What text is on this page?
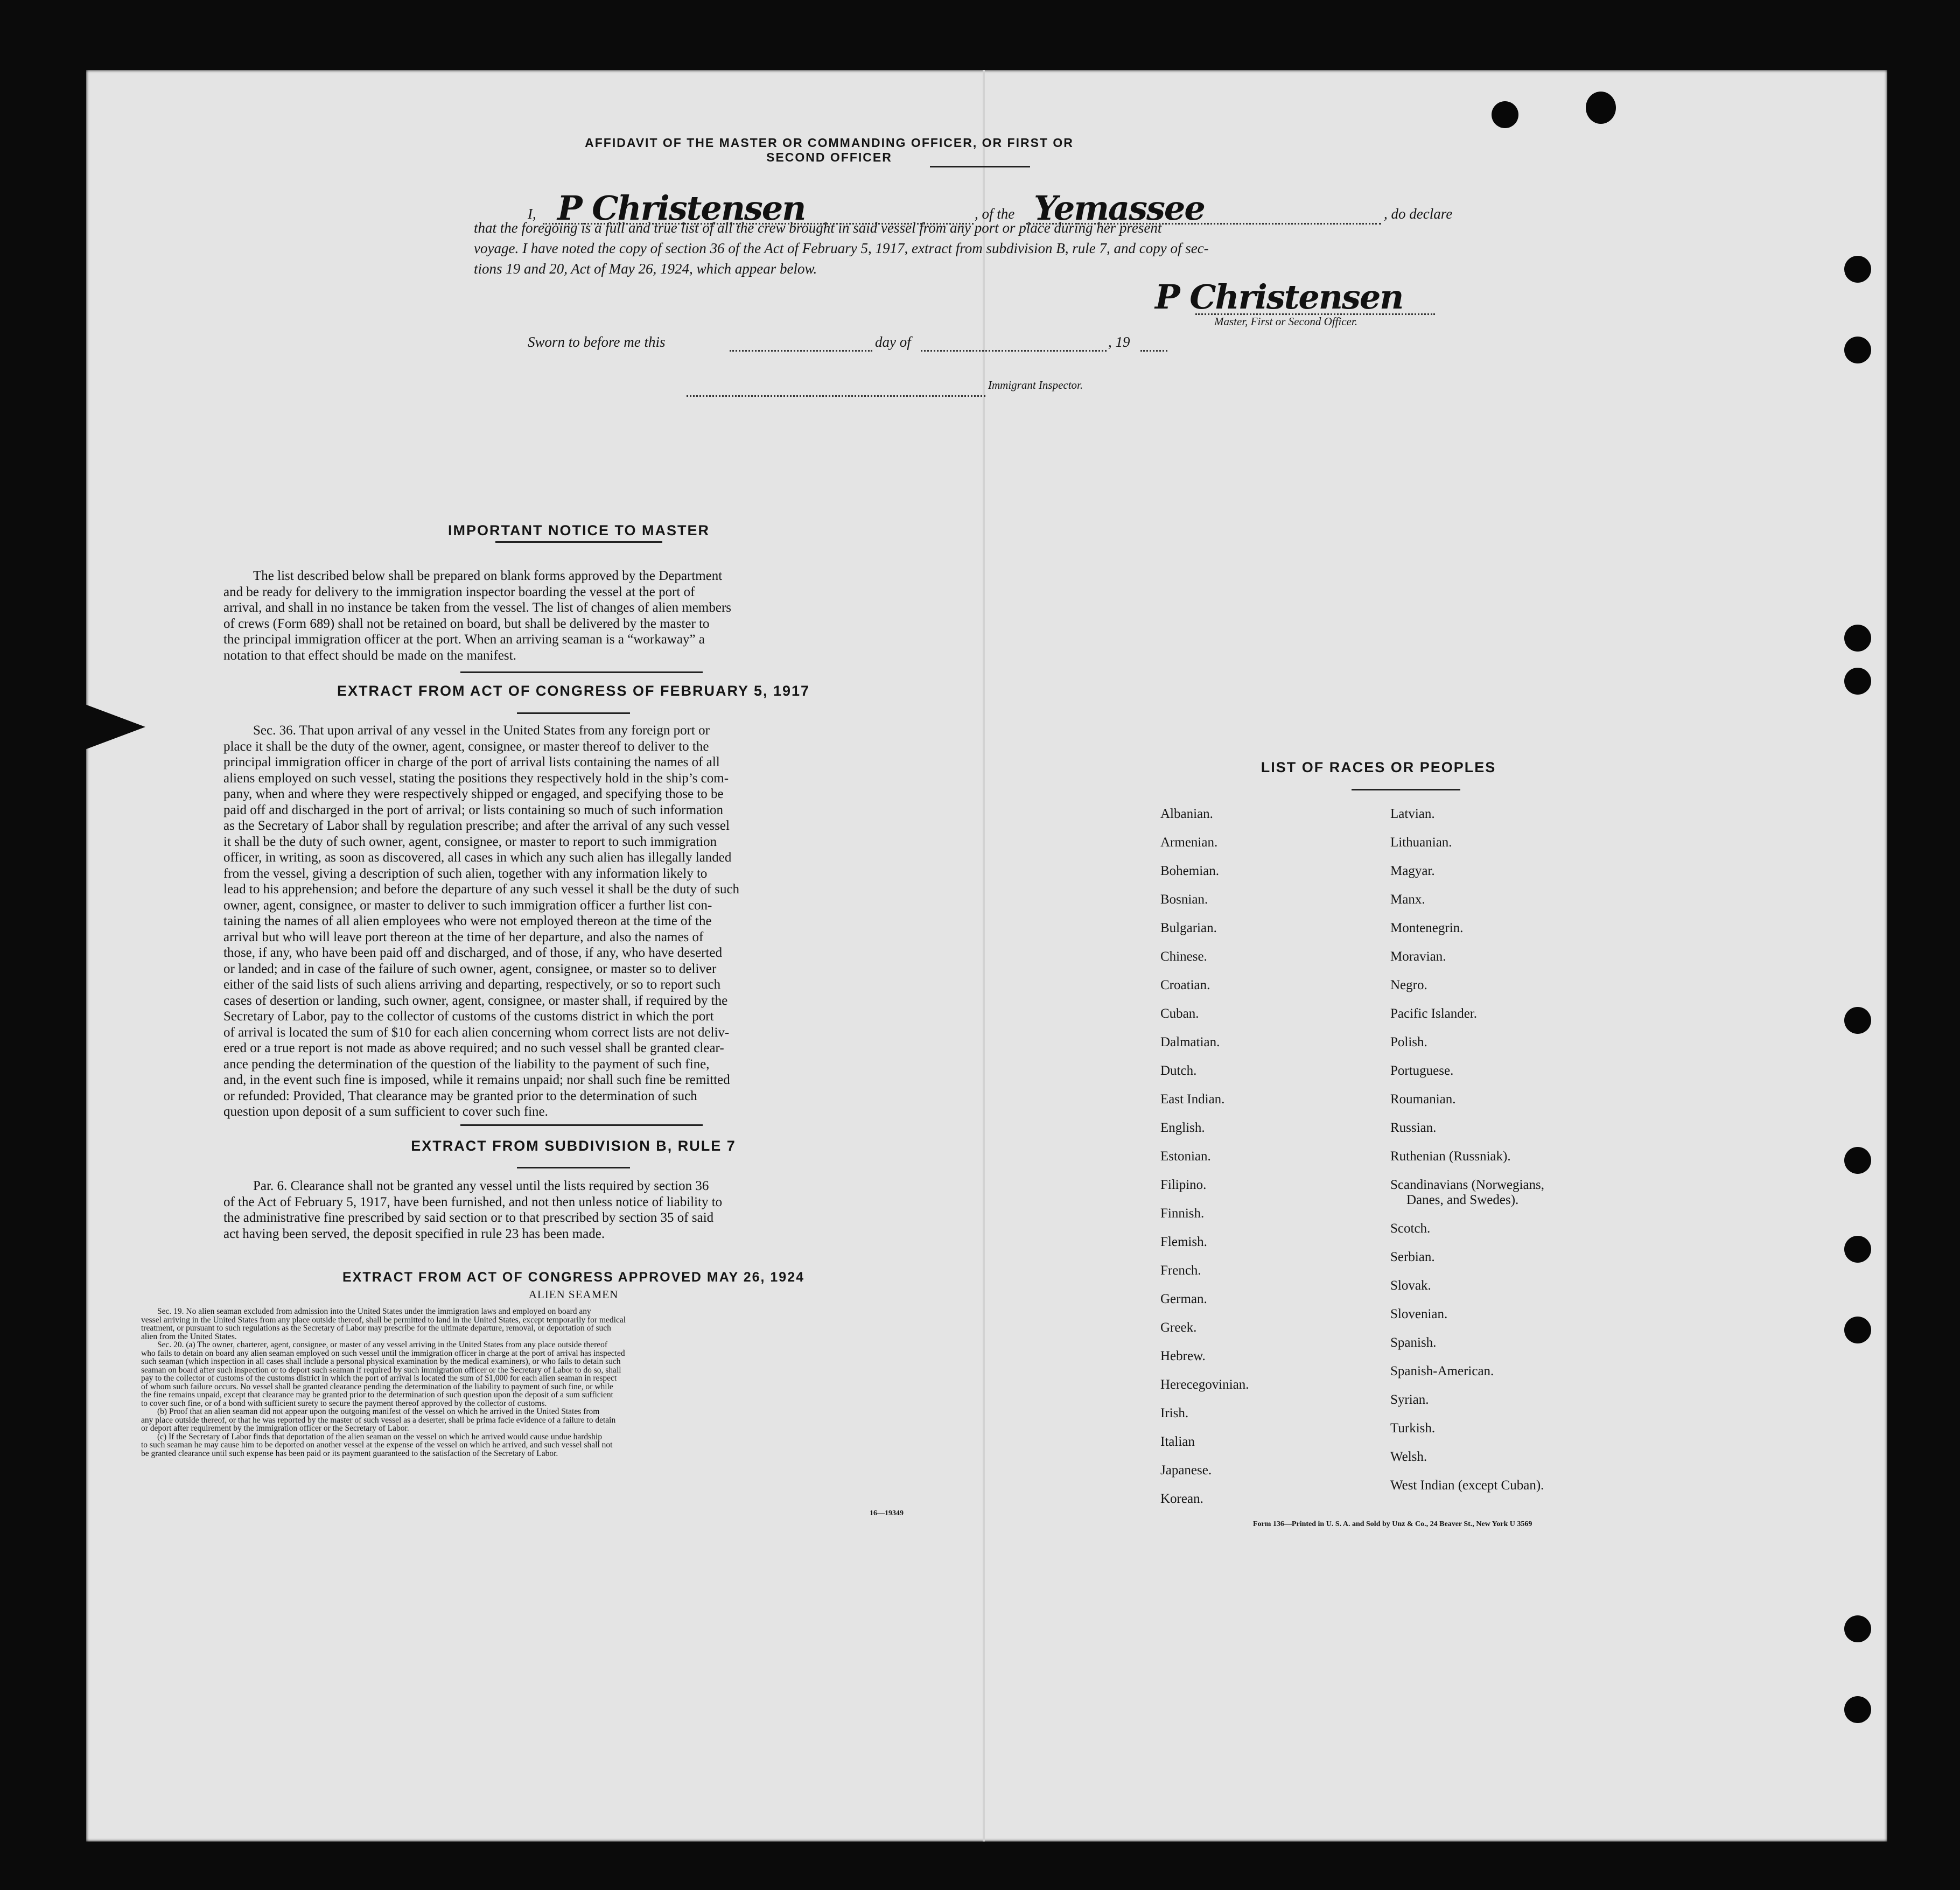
AFFIDAVIT OF THE MASTER OR COMMANDING OFFICER, OR FIRST OR SECOND OFFICER
I, P Christensen	, of the Yemassee	, do declare
that the foregoing is a full and true list of all the crew brought in said vessel from any port or place during her present
voyage. I have noted the copy of section 36 of the Act of February 5, 1917, extract from subdivision B, rule 7, and copy of sec-
tions 19 and 20, Act of May 26, 1924, which appear below.
P Christensen
Master, First or Second Officer.
Sworn to before me this	day of	, 19
Immigrant Inspector.
IMPORTANT NOTICE TO MASTER
The list described below shall be prepared on blank forms approved by the Department
and be ready for delivery to the immigration inspector boarding the vessel at the port of
arrival, and shall in no instance be taken from the vessel. The list of changes of alien members
of crews (Form 689) shall not be retained on board, but shall be delivered by the master to
the principal immigration officer at the port. When an arriving seaman is a “workaway” a
notation to that effect should be made on the manifest.
EXTRACT FROM ACT OF CONGRESS OF FEBRUARY 5, 1917
Sec. 36. That upon arrival of any vessel in the United States from any foreign port or
place it shall be the duty of the owner, agent, consignee, or master thereof to deliver to the
principal immigration officer in charge of the port of arrival lists containing the names of all
aliens employed on such vessel, stating the positions they respectively hold in the ship’s com-
pany, when and where they were respectively shipped or engaged, and specifying those to be
paid off and discharged in the port of arrival; or lists containing so much of such information
as the Secretary of Labor shall by regulation prescribe; and after the arrival of any such vessel
it shall be the duty of such owner, agent, consignee, or master to report to such immigration
officer, in writing, as soon as discovered, all cases in which any such alien has illegally landed
from the vessel, giving a description of such alien, together with any information likely to
lead to his apprehension; and before the departure of any such vessel it shall be the duty of such
owner, agent, consignee, or master to deliver to such immigration officer a further list con-
taining the names of all alien employees who were not employed thereon at the time of the
arrival but who will leave port thereon at the time of her departure, and also the names of
those, if any, who have been paid off and discharged, and of those, if any, who have deserted
or landed; and in case of the failure of such owner, agent, consignee, or master so to deliver
either of the said lists of such aliens arriving and departing, respectively, or so to report such
cases of desertion or landing, such owner, agent, consignee, or master shall, if required by the
Secretary of Labor, pay to the collector of customs of the customs district in which the port
of arrival is located the sum of $10 for each alien concerning whom correct lists are not deliv-
ered or a true report is not made as above required; and no such vessel shall be granted clear-
ance pending the determination of the question of the liability to the payment of such fine,
and, in the event such fine is imposed, while it remains unpaid; nor shall such fine be remitted
or refunded: Provided, That clearance may be granted prior to the determination of such
question upon deposit of a sum sufficient to cover such fine.
EXTRACT FROM SUBDIVISION B, RULE 7
Par. 6. Clearance shall not be granted any vessel until the lists required by section 36
of the Act of February 5, 1917, have been furnished, and not then unless notice of liability to
the administrative fine prescribed by said section or to that prescribed by section 35 of said
act having been served, the deposit specified in rule 23 has been made.
EXTRACT FROM ACT OF CONGRESS APPROVED MAY 26, 1924
ALIEN SEAMEN
Sec. 19. No alien seaman excluded from admission into the United States under the immigration laws and employed on board any
vessel arriving in the United States from any place outside thereof, shall be permitted to land in the United States, except temporarily for medical
treatment, or pursuant to such regulations as the Secretary of Labor may prescribe for the ultimate departure, removal, or deportation of such
alien from the United States.
Sec. 20. (a) The owner, charterer, agent, consignee, or master of any vessel arriving in the United States from any place outside thereof
who fails to detain on board any alien seaman employed on such vessel until the immigration officer in charge at the port of arrival has inspected
such seaman (which inspection in all cases shall include a personal physical examination by the medical examiners), or who fails to detain such
seaman on board after such inspection or to deport such seaman if required by such immigration officer or the Secretary of Labor to do so, shall
pay to the collector of customs of the customs district in which the port of arrival is located the sum of $1,000 for each alien seaman in respect
of whom such failure occurs. No vessel shall be granted clearance pending the determination of the liability to payment of such fine, or while
the fine remains unpaid, except that clearance may be granted prior to the determination of such question upon the deposit of a sum sufficient
to cover such fine, or of a bond with sufficient surety to secure the payment thereof approved by the collector of customs.
(b) Proof that an alien seaman did not appear upon the outgoing manifest of the vessel on which he arrived in the United States from
any place outside thereof, or that he was reported by the master of such vessel as a deserter, shall be prima facie evidence of a failure to detain
or deport after requirement by the immigration officer or the Secretary of Labor.
(c) If the Secretary of Labor finds that deportation of the alien seaman on the vessel on which he arrived would cause undue hardship
to such seaman he may cause him to be deported on another vessel at the expense of the vessel on which he arrived, and such vessel shall not
be granted clearance until such expense has been paid or its payment guaranteed to the satisfaction of the Secretary of Labor.
16—19349
LIST OF RACES OR PEOPLES
Albanian.
Armenian.
Bohemian.
Bosnian.
Bulgarian.
Chinese.
Croatian.
Cuban.
Dalmatian.
Dutch.
East Indian.
English.
Estonian.
Filipino.
Finnish.
Flemish.
French.
German.
Greek.
Hebrew.
Herecegovinian.
Irish.
Italian
Japanese.
Korean.
Latvian.
Lithuanian.
Magyar.
Manx.
Montenegrin.
Moravian.
Negro.
Pacific Islander.
Polish.
Portuguese.
Roumanian.
Russian.
Ruthenian (Russniak).
Scandinavians (Norwegians,
Danes, and Swedes).
Scotch.
Serbian.
Slovak.
Slovenian.
Spanish.
Spanish-American.
Syrian.
Turkish.
Welsh.
West Indian (except Cuban).
Form 136—Printed in U. S. A. and Sold by Unz & Co., 24 Beaver St., New York U 3569
